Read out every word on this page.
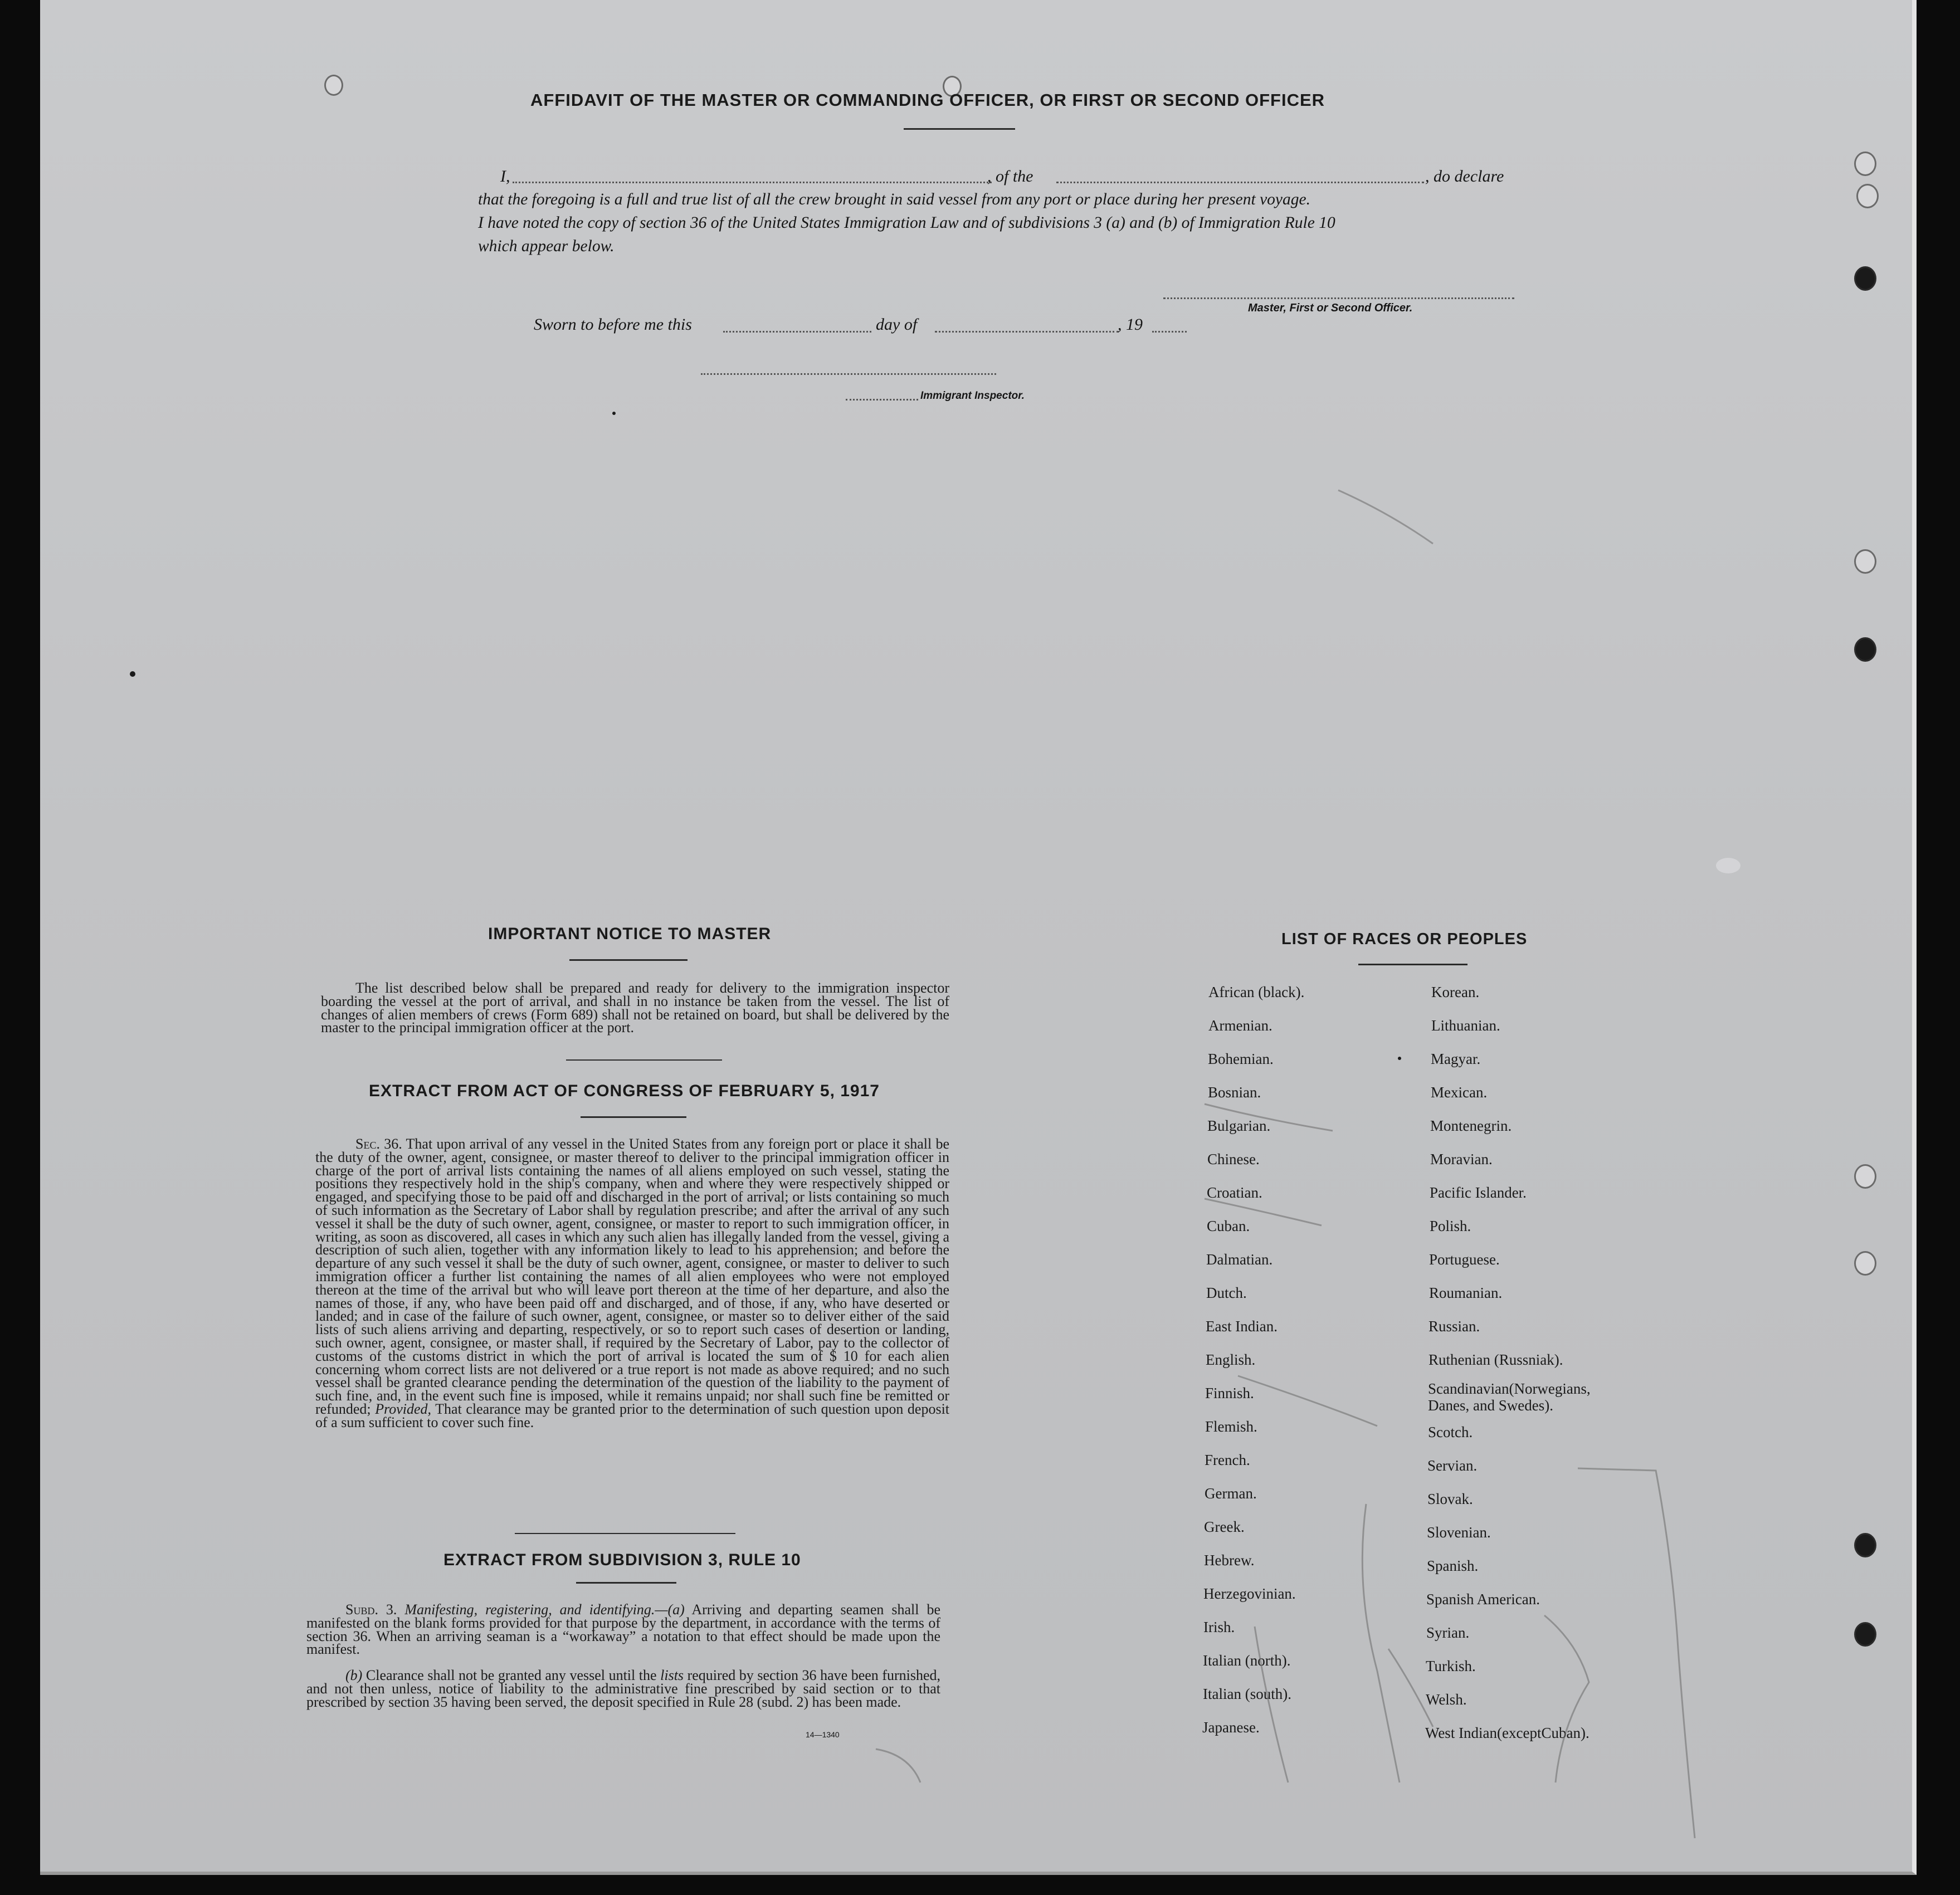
AFFIDAVIT OF THE MASTER OR COMMANDING OFFICER, OR FIRST OR SECOND OFFICER
I,	, of the	, do declare
that the foregoing is a full and true list of all the crew brought in said vessel from any port or place during her present voyage.
I have noted the copy of section 36 of the United States Immigration Law and of subdivisions 3 (a) and (b) of Immigration Rule 10
which appear below.
Master, First or Second Officer.
Sworn to before me this	day of	, 19
Immigrant Inspector.
IMPORTANT NOTICE TO MASTER
The list described below shall be prepared and ready for delivery to the immigration inspector boarding the vessel at the port of arrival, and shall in no instance be taken from the vessel. The list of changes of alien members of crews (Form 689) shall not be retained on board, but shall be delivered by the master to the principal immigration officer at the port.
EXTRACT FROM ACT OF CONGRESS OF FEBRUARY 5, 1917
Sec. 36. That upon arrival of any vessel in the United States from any foreign port or place it shall be the duty of the owner, agent, consignee, or master thereof to deliver to the principal immigration officer in charge of the port of arrival lists containing the names of all aliens employed on such vessel, stating the positions they respectively hold in the ship's company, when and where they were respectively shipped or engaged, and specifying those to be paid off and discharged in the port of arrival; or lists containing so much of such information as the Secretary of Labor shall by regulation prescribe; and after the arrival of any such vessel it shall be the duty of such owner, agent, consignee, or master to report to such immigration officer, in writing, as soon as discovered, all cases in which any such alien has illegally landed from the vessel, giving a description of such alien, together with any information likely to lead to his apprehension; and before the departure of any such vessel it shall be the duty of such owner, agent, consignee, or master to deliver to such immigration officer a further list containing the names of all alien employees who were not employed thereon at the time of the arrival but who will leave port thereon at the time of her departure, and also the names of those, if any, who have been paid off and discharged, and of those, if any, who have deserted or landed; and in case of the failure of such owner, agent, consignee, or master so to deliver either of the said lists of such aliens arriving and departing, respectively, or so to report such cases of desertion or landing, such owner, agent, consignee, or master shall, if required by the Secretary of Labor, pay to the collector of customs of the customs district in which the port of arrival is located the sum of $ 10 for each alien concerning whom correct lists are not delivered or a true report is not made as above required; and no such vessel shall be granted clearance pending the determination of the question of the liability to the payment of such fine, and, in the event such fine is imposed, while it remains unpaid; nor shall such fine be remitted or refunded; Provided, That clearance may be granted prior to the determination of such question upon deposit of a sum sufficient to cover such fine.
EXTRACT FROM SUBDIVISION 3, RULE 10
Subd. 3. Manifesting, registering, and identifying.—(a) Arriving and departing seamen shall be manifested on the blank forms provided for that purpose by the department, in accordance with the terms of section 36. When an arriving seaman is a “workaway” a notation to that effect should be made upon the manifest.
(b) Clearance shall not be granted any vessel until the lists required by section 36 have been furnished, and not then unless, notice of liability to the administrative fine prescribed by said section or to that prescribed by section 35 having been served, the deposit specified in Rule 28 (subd. 2) has been made.
14—1340
LIST OF RACES OR PEOPLES
African (black).
Armenian.
Bohemian.
Bosnian.
Bulgarian.
Chinese.
Croatian.
Cuban.
Dalmatian.
Dutch.
East Indian.
English.
Finnish.
Flemish.
French.
German.
Greek.
Hebrew.
Herzegovinian.
Irish.
Italian (north).
Italian (south).
Japanese.
Korean.
Lithuanian.
Magyar.
Mexican.
Montenegrin.
Moravian.
Pacific Islander.
Polish.
Portuguese.
Roumanian.
Russian.
Ruthenian (Russniak).
Scandinavian(Norwegians, Danes, and Swedes).
Scotch.
Servian.
Slovak.
Slovenian.
Spanish.
Spanish American.
Syrian.
Turkish.
Welsh.
West Indian(exceptCuban).
